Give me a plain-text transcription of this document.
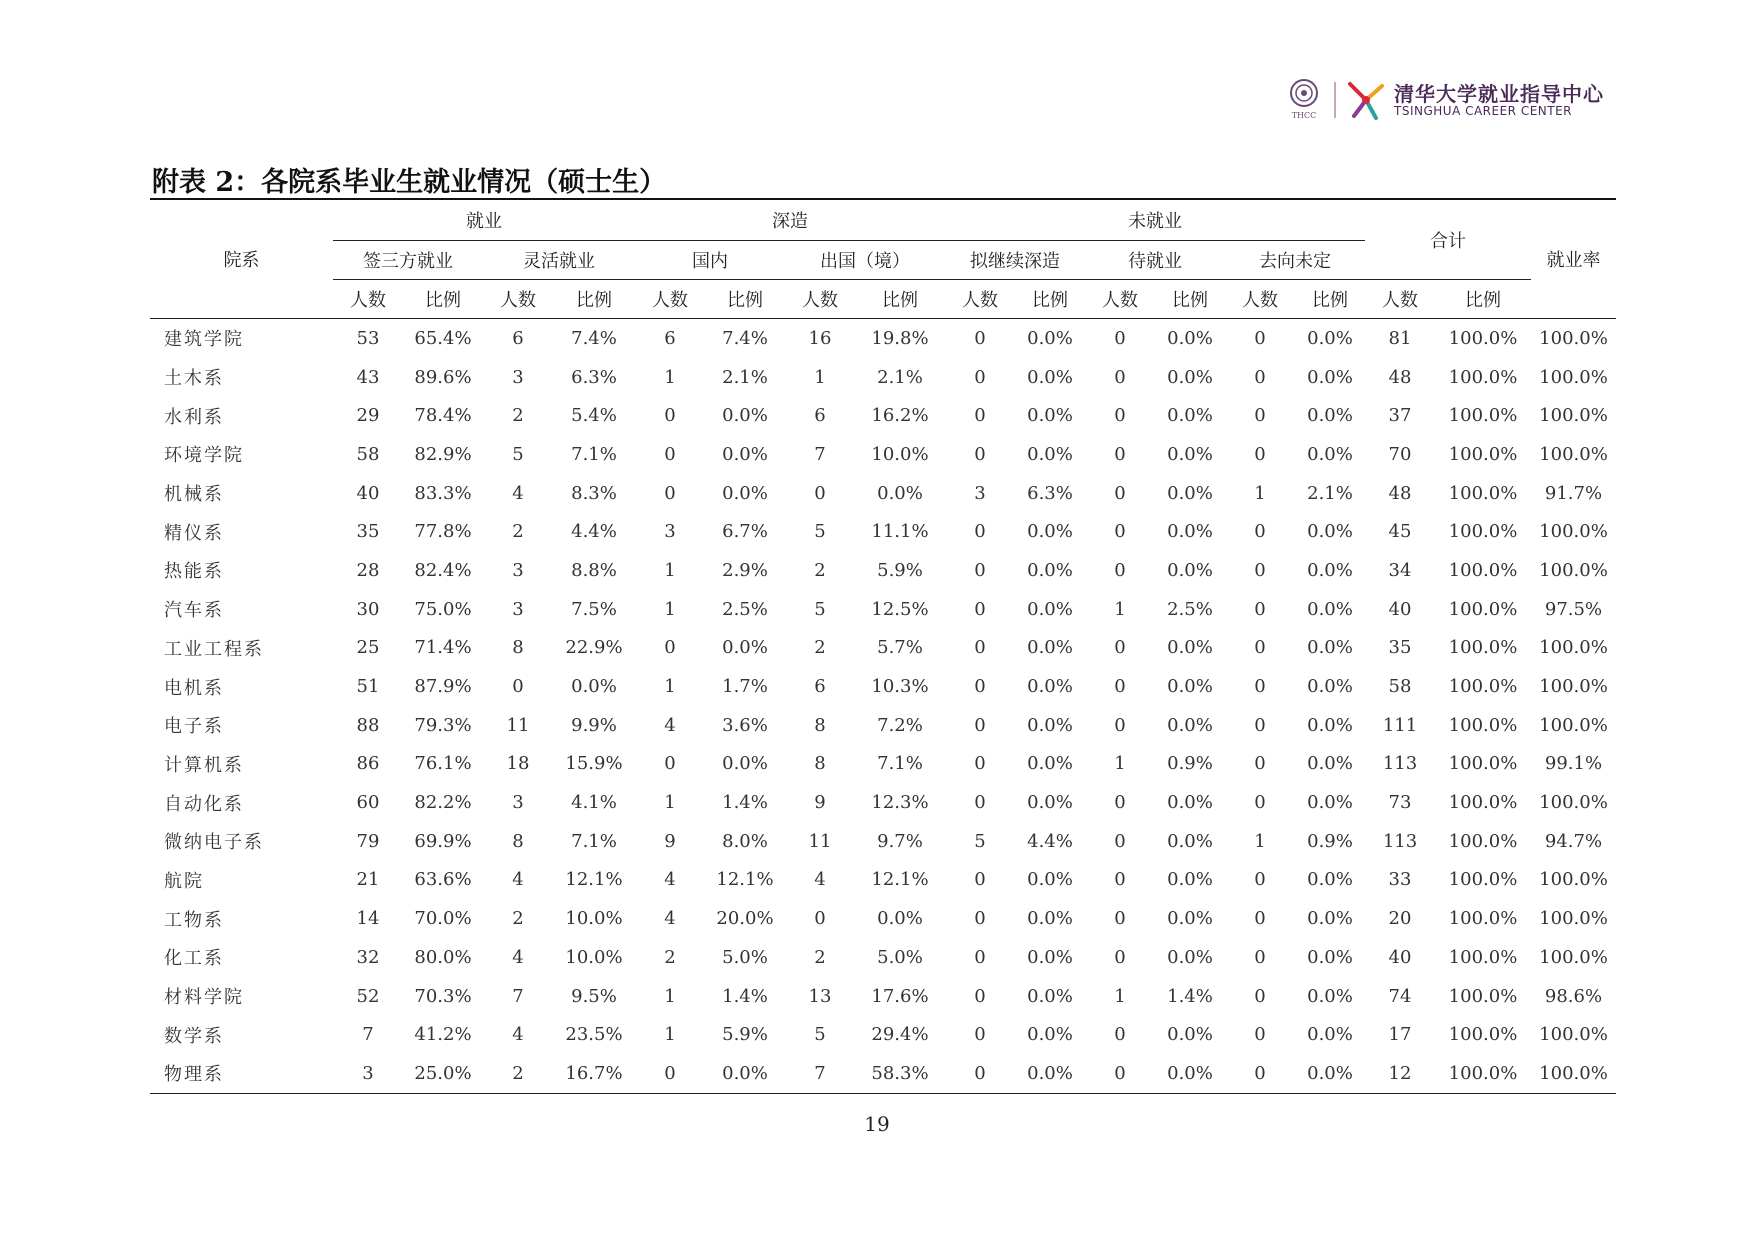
THCC
清华大学就业指导中心
TSINGHUA CAREER CENTER
附表 2：各院系毕业生就业情况（硕士生）
院系	就业				深造				未就业						合计		就业率
	签三方就业		灵活就业		国内		出国（境）		拟继续深造		待就业		去向未定				
	人数	比例	人数	比例	人数	比例	人数	比例	人数	比例	人数	比例	人数	比例	人数	比例	
建筑学院	53	65.4%	6	7.4%	6	7.4%	16	19.8%	0	0.0%	0	0.0%	0	0.0%	81	100.0%	100.0%
土木系	43	89.6%	3	6.3%	1	2.1%	1	2.1%	0	0.0%	0	0.0%	0	0.0%	48	100.0%	100.0%
水利系	29	78.4%	2	5.4%	0	0.0%	6	16.2%	0	0.0%	0	0.0%	0	0.0%	37	100.0%	100.0%
环境学院	58	82.9%	5	7.1%	0	0.0%	7	10.0%	0	0.0%	0	0.0%	0	0.0%	70	100.0%	100.0%
机械系	40	83.3%	4	8.3%	0	0.0%	0	0.0%	3	6.3%	0	0.0%	1	2.1%	48	100.0%	91.7%
精仪系	35	77.8%	2	4.4%	3	6.7%	5	11.1%	0	0.0%	0	0.0%	0	0.0%	45	100.0%	100.0%
热能系	28	82.4%	3	8.8%	1	2.9%	2	5.9%	0	0.0%	0	0.0%	0	0.0%	34	100.0%	100.0%
汽车系	30	75.0%	3	7.5%	1	2.5%	5	12.5%	0	0.0%	1	2.5%	0	0.0%	40	100.0%	97.5%
工业工程系	25	71.4%	8	22.9%	0	0.0%	2	5.7%	0	0.0%	0	0.0%	0	0.0%	35	100.0%	100.0%
电机系	51	87.9%	0	0.0%	1	1.7%	6	10.3%	0	0.0%	0	0.0%	0	0.0%	58	100.0%	100.0%
电子系	88	79.3%	11	9.9%	4	3.6%	8	7.2%	0	0.0%	0	0.0%	0	0.0%	111	100.0%	100.0%
计算机系	86	76.1%	18	15.9%	0	0.0%	8	7.1%	0	0.0%	1	0.9%	0	0.0%	113	100.0%	99.1%
自动化系	60	82.2%	3	4.1%	1	1.4%	9	12.3%	0	0.0%	0	0.0%	0	0.0%	73	100.0%	100.0%
微纳电子系	79	69.9%	8	7.1%	9	8.0%	11	9.7%	5	4.4%	0	0.0%	1	0.9%	113	100.0%	94.7%
航院	21	63.6%	4	12.1%	4	12.1%	4	12.1%	0	0.0%	0	0.0%	0	0.0%	33	100.0%	100.0%
工物系	14	70.0%	2	10.0%	4	20.0%	0	0.0%	0	0.0%	0	0.0%	0	0.0%	20	100.0%	100.0%
化工系	32	80.0%	4	10.0%	2	5.0%	2	5.0%	0	0.0%	0	0.0%	0	0.0%	40	100.0%	100.0%
材料学院	52	70.3%	7	9.5%	1	1.4%	13	17.6%	0	0.0%	1	1.4%	0	0.0%	74	100.0%	98.6%
数学系	7	41.2%	4	23.5%	1	5.9%	5	29.4%	0	0.0%	0	0.0%	0	0.0%	17	100.0%	100.0%
物理系	3	25.0%	2	16.7%	0	0.0%	7	58.3%	0	0.0%	0	0.0%	0	0.0%	12	100.0%	100.0%

19
